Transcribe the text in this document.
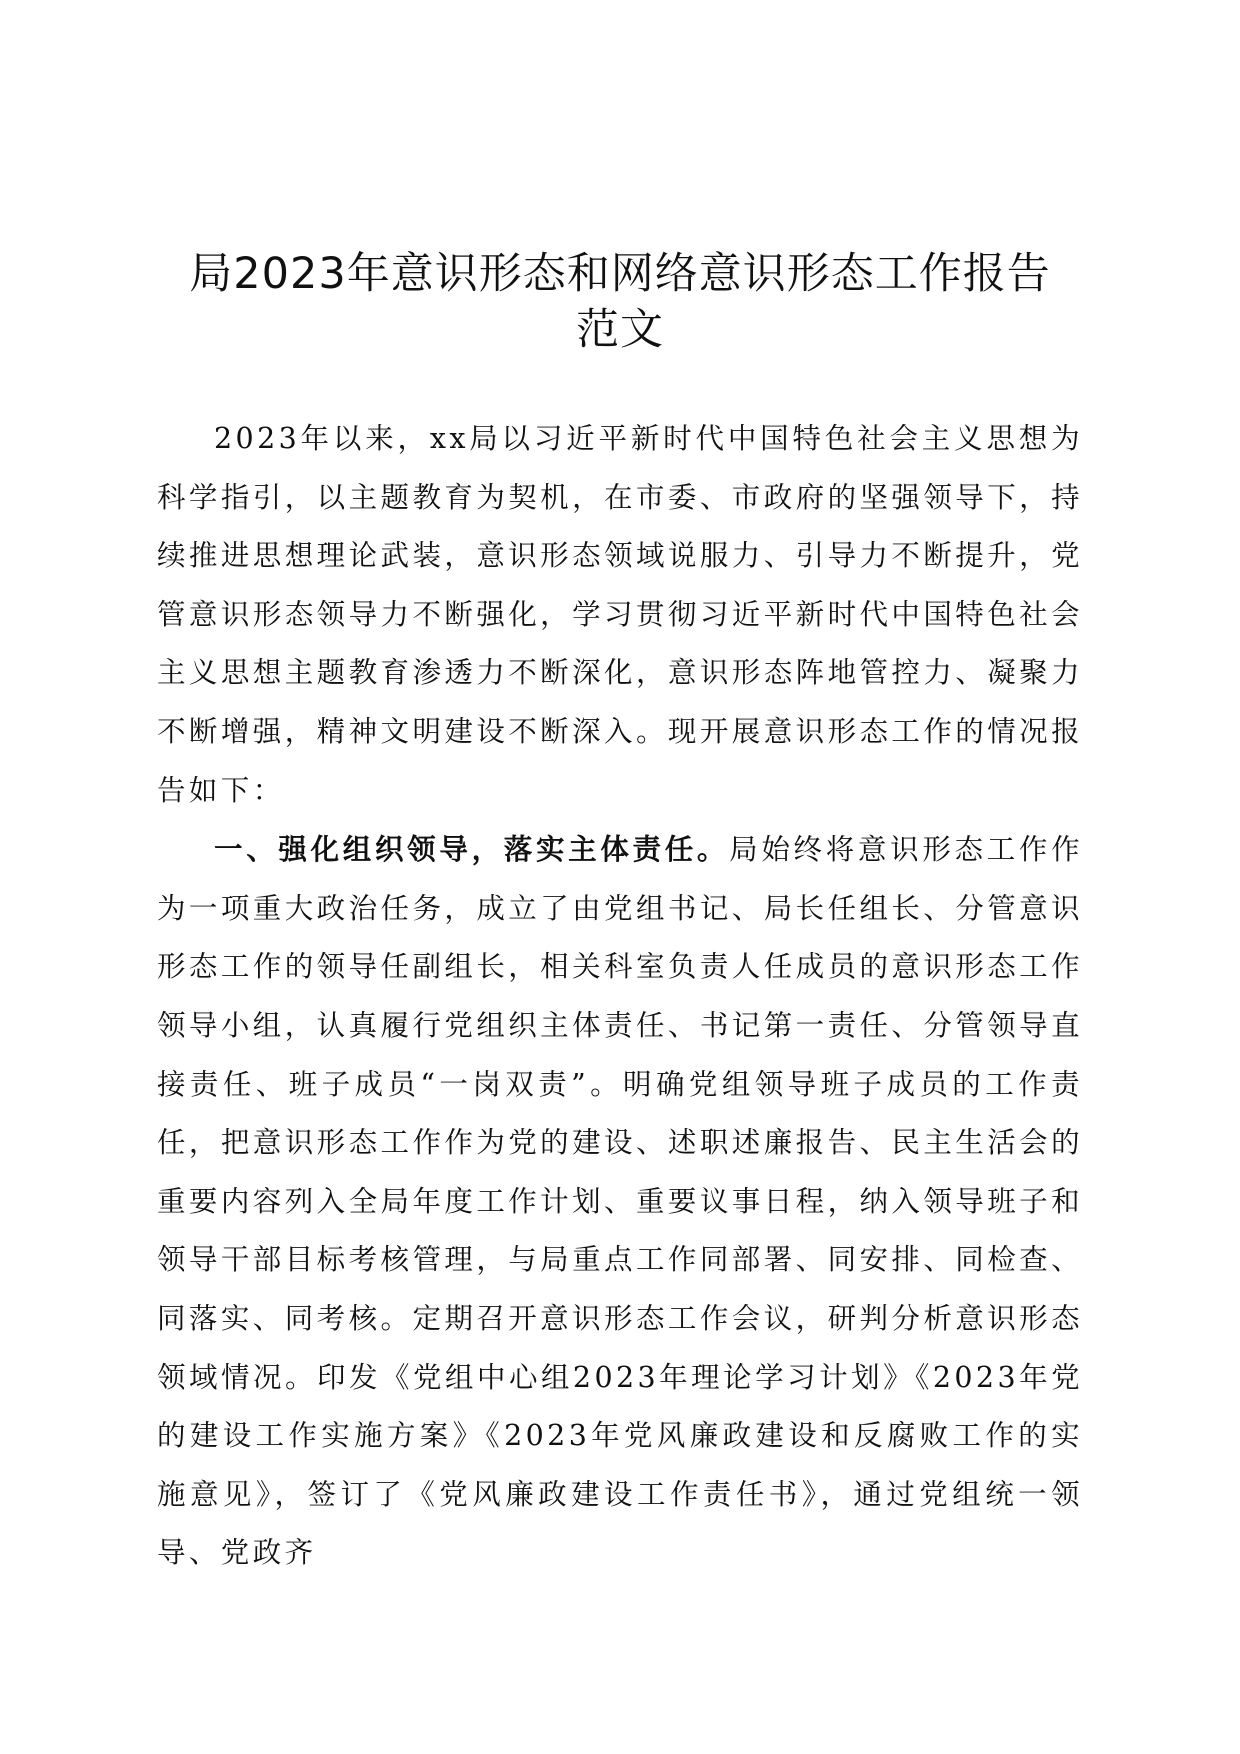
局2023年意识形态和网络意识形态工作报告
范文

2023年以来，xx局以习近平新时代中国特色社会主义思想为科学指引，以主题教育为契机，在市委、市政府的坚强领导下，持续推进思想理论武装，意识形态领域说服力、引导力不断提升，党管意识形态领导力不断强化，学习贯彻习近平新时代中国特色社会主义思想主题教育渗透力不断深化，意识形态阵地管控力、凝聚力不断增强，精神文明建设不断深入。现开展意识形态工作的情况报告如下：

一、强化组织领导，落实主体责任。局始终将意识形态工作作为一项重大政治任务，成立了由党组书记、局长任组长、分管意识形态工作的领导任副组长，相关科室负责人任成员的意识形态工作领导小组，认真履行党组织主体责任、书记第一责任、分管领导直接责任、班子成员“一岗双责”。明确党组领导班子成员的工作责任，把意识形态工作作为党的建设、述职述廉报告、民主生活会的重要内容列入全局年度工作计划、重要议事日程，纳入领导班子和领导干部目标考核管理，与局重点工作同部署、同安排、同检查、同落实、同考核。定期召开意识形态工作会议，研判分析意识形态领域情况。印发《党组中心组2023年理论学习计划》《2023年党的建设工作实施方案》《2023年党风廉政建设和反腐败工作的实施意见》，签订了《党风廉政建设工作责任书》，通过党组统一领导、党政齐
